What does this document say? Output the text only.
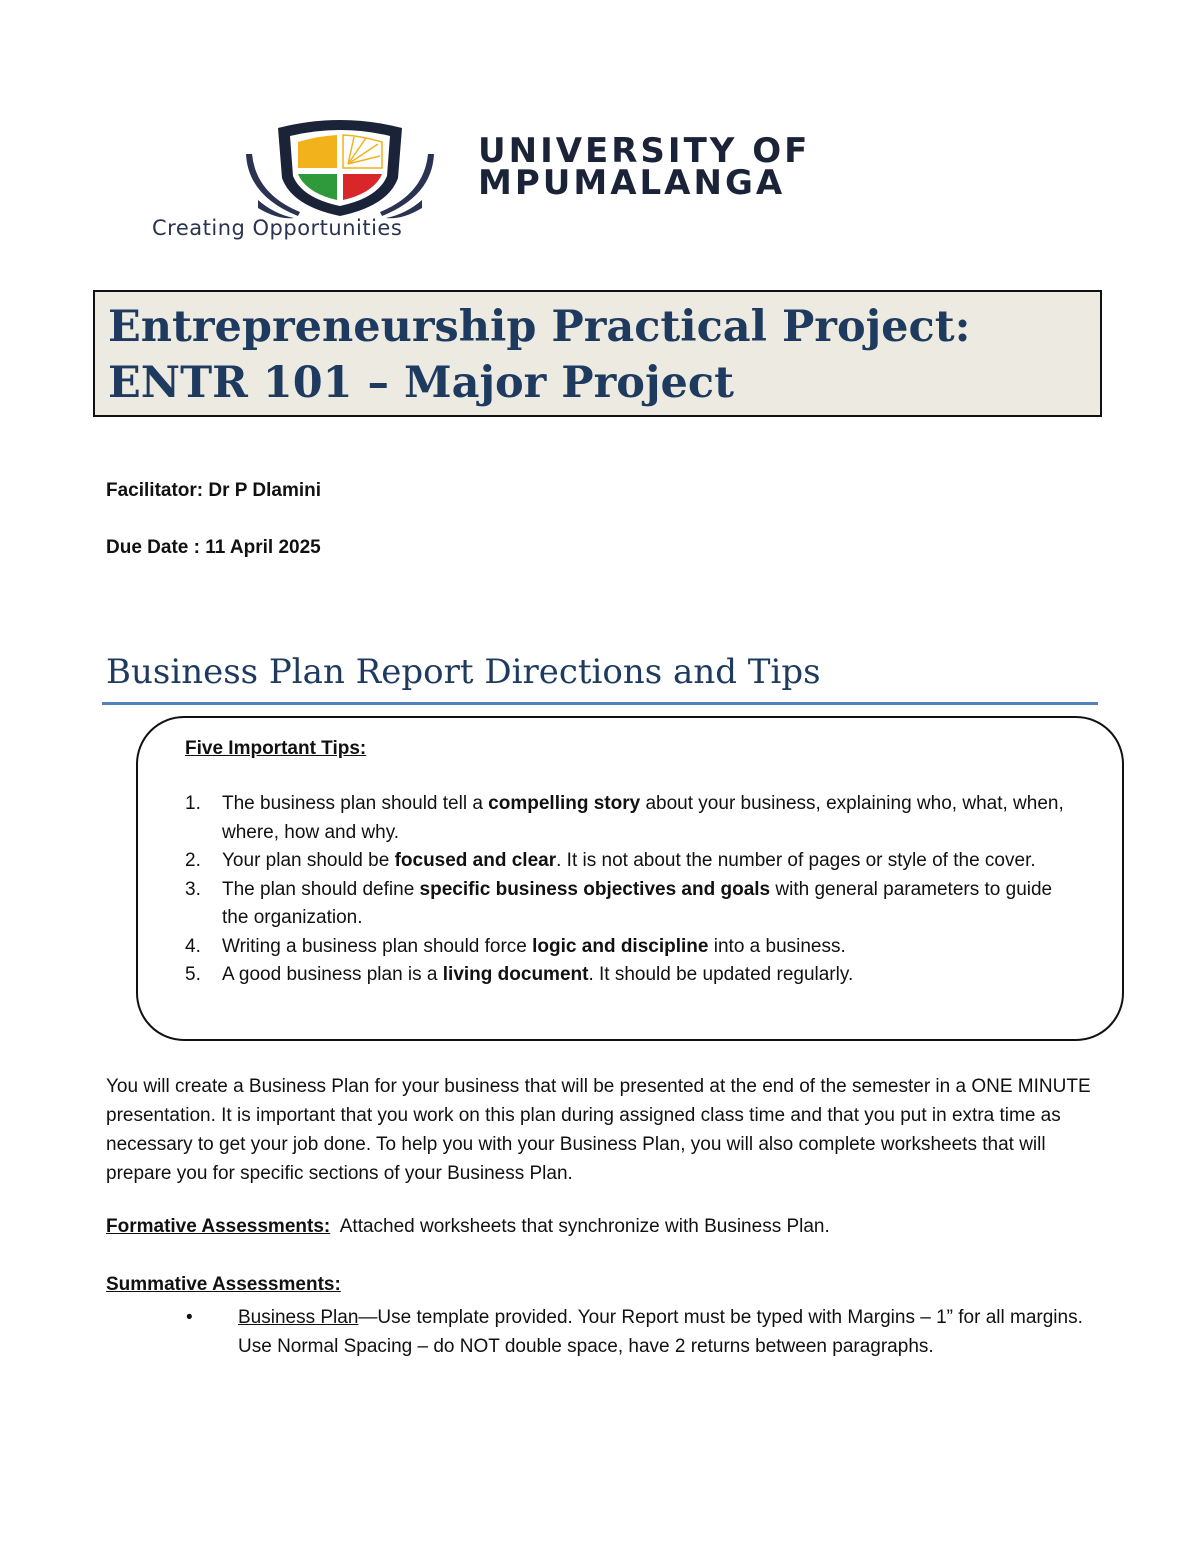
UNIVERSITY OF
MPUMALANGA
Creating Opportunities
Entrepreneurship Practical Project:
ENTR 101 – Major Project
Facilitator: Dr P Dlamini
Due Date : 11 April 2025
Business Plan Report Directions and Tips
Five Important Tips:
1. The business plan should tell a compelling story about your business, explaining who, what, when, where, how and why.
2. Your plan should be focused and clear. It is not about the number of pages or style of the cover.
3. The plan should define specific business objectives and goals with general parameters to guide the organization.
4. Writing a business plan should force logic and discipline into a business.
5. A good business plan is a living document. It should be updated regularly.

You will create a Business Plan for your business that will be presented at the end of the semester in a ONE MINUTE presentation. It is important that you work on this plan during assigned class time and that you put in extra time as necessary to get your job done. To help you with your Business Plan, you will also complete worksheets that will prepare you for specific sections of your Business Plan.

Formative Assessments:  Attached worksheets that synchronize with Business Plan.
Summative Assessments:
• Business Plan—Use template provided. Your Report must be typed with Margins – 1” for all margins. Use Normal Spacing – do NOT double space, have 2 returns between paragraphs.
